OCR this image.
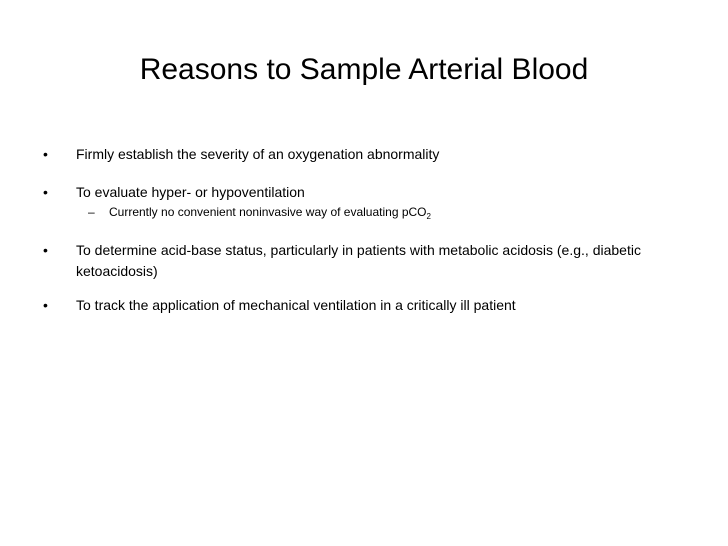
Reasons to Sample Arterial Blood
• Firmly establish the severity of an oxygenation abnormality
• To evaluate hyper- or hypoventilation
– Currently no convenient noninvasive way of evaluating pCO$_2$
• To determine acid-base status, particularly in patients with metabolic acidosis (e.g., diabetic
ketoacidosis)
• To track the application of mechanical ventilation in a critically ill patient
